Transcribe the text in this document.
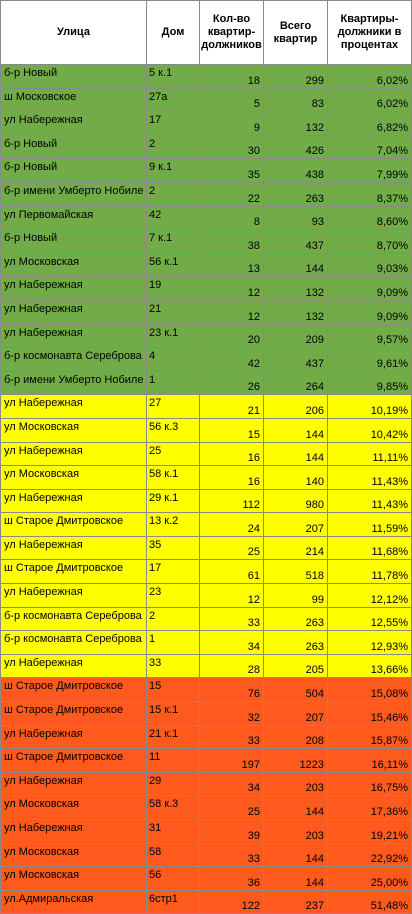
Улица	Дом	Кол-во квартир-должников	Всего квартир	Квартиры-должники в процентах
б-р Новый	5 к.1	18	299	6,02%
ш Московское	27а	5	83	6,02%
ул Набережная	17	9	132	6,82%
б-р Новый	2	30	426	7,04%
б-р Новый	9 к.1	35	438	7,99%
б-р имени Умберто Нобиле	2	22	263	8,37%
ул Первомайская	42	8	93	8,60%
б-р Новый	7 к.1	38	437	8,70%
ул Московская	56 к.1	13	144	9,03%
ул Набережная	19	12	132	9,09%
ул Набережная	21	12	132	9,09%
ул Набережная	23 к.1	20	209	9,57%
б-р космонавта Сереброва	4	42	437	9,61%
б-р имени Умберто Нобиле	1	26	264	9,85%
ул Набережная	27	21	206	10,19%
ул Московская	56 к.3	15	144	10,42%
ул Набережная	25	16	144	11,11%
ул Московская	58 к.1	16	140	11,43%
ул Набережная	29 к.1	112	980	11,43%
ш Старое Дмитровское	13 к.2	24	207	11,59%
ул Набережная	35	25	214	11,68%
ш Старое Дмитровское	17	61	518	11,78%
ул Набережная	23	12	99	12,12%
б-р космонавта Сереброва	2	33	263	12,55%
б-р космонавта Сереброва	1	34	263	12,93%
ул Набережная	33	28	205	13,66%
ш Старое Дмитровское	15	76	504	15,08%
ш Старое Дмитровское	15 к.1	32	207	15,46%
ул Набережная	21 к.1	33	208	15,87%
ш Старое Дмитровское	11	197	1223	16,11%
ул Набережная	29	34	203	16,75%
ул Московская	58 к.3	25	144	17,36%
ул Набережная	31	39	203	19,21%
ул Московская	58	33	144	22,92%
ул Московская	56	36	144	25,00%
ул.Адмиральская	6стр1	122	237	51,48%
